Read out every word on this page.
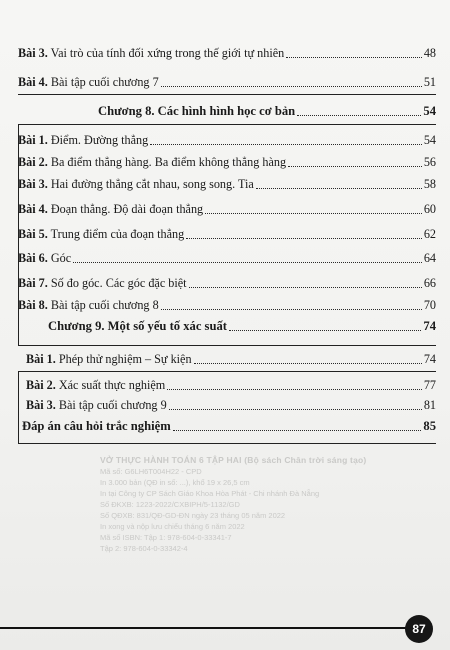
VỞ THỰC HÀNH TOÁN 6 TẬP HAI (Bộ sách Chân trời sáng tạo)
Mã số: G6LH6T004H22 - CPD
In 3.000 bản (QĐ in số: ...), khổ 19 x 26,5 cm
In tại Công ty CP Sách Giáo Khoa Hòa Phát - Chi nhánh Đà Nẵng
Số ĐKXB: 1223-2022/CXBIPH/5-1132/GD
Số QĐXB: 831/QĐ-GD-ĐN ngày 23 tháng 05 năm 2022
In xong và nộp lưu chiểu tháng 6 năm 2022
Mã số ISBN: Tập 1: 978-604-0-33341-7
Tập 2: 978-604-0-33342-4
Bài 3. Vai trò của tính đối xứng trong thế giới tự nhiên	48
Bài 4. Bài tập cuối chương 7	51
Chương 8. Các hình hình học cơ bản	54
Bài 1. Điểm. Đường thẳng	54
Bài 2. Ba điểm thẳng hàng. Ba điểm không thẳng hàng	56
Bài 3. Hai đường thẳng cắt nhau, song song. Tia	58
Bài 4. Đoạn thẳng. Độ dài đoạn thẳng	60
Bài 5. Trung điểm của đoạn thẳng	62
Bài 6. Góc	64
Bài 7. Số đo góc. Các góc đặc biệt	66
Bài 8. Bài tập cuối chương 8	70
Chương 9. Một số yếu tố xác suất	74
Bài 1. Phép thử nghiệm – Sự kiện	74
Bài 2. Xác suất thực nghiệm	77
Bài 3. Bài tập cuối chương 9	81
Đáp án câu hỏi trắc nghiệm	85
87
